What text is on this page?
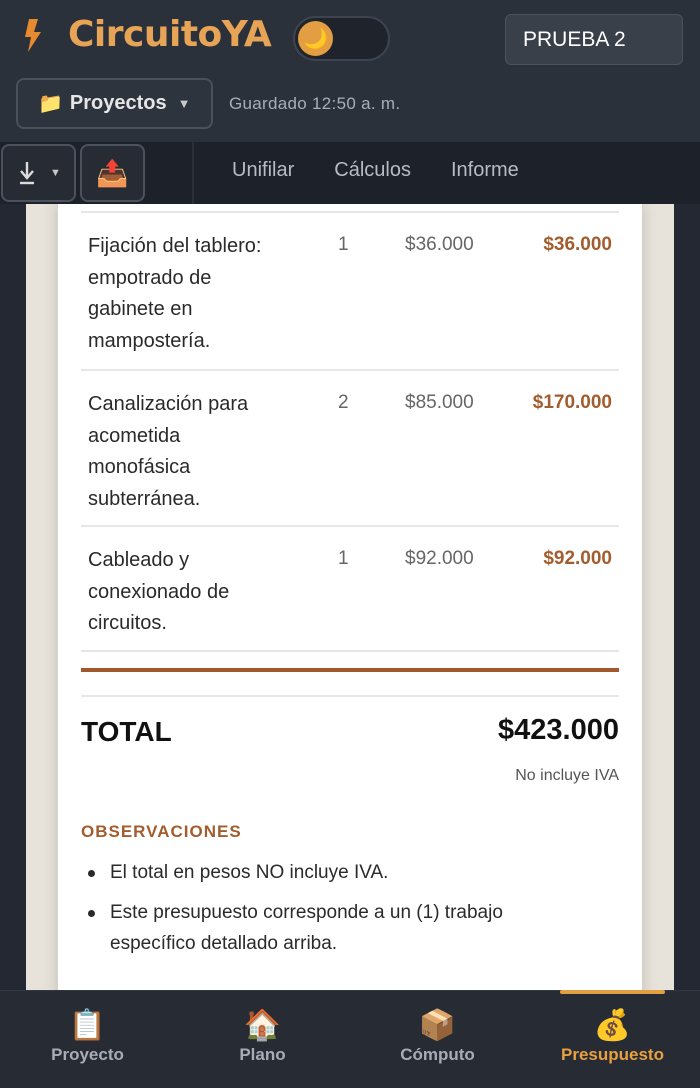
CircuitoYA 🌙
PRUEBA 2
📁 Proyectos ▼ Guardado 12:50 a. m.
▼ 📤	Unifilar Cálculos Informe
Fijación del tablero: empotrado de gabinete en mampostería.
1	$36.000	$36.000
Canalización para acometida monofásica subterránea.
2	$85.000	$170.000
Cableado y conexionado de circuitos.
1	$92.000	$92.000
TOTAL	$423.000
No incluye IVA
OBSERVACIONES
El total en pesos NO incluye IVA.
Este presupuesto corresponde a un (1) trabajo específico detallado arriba.
📋
Proyecto
🏠
Plano
📦
Cómputo
💰
Presupuesto
